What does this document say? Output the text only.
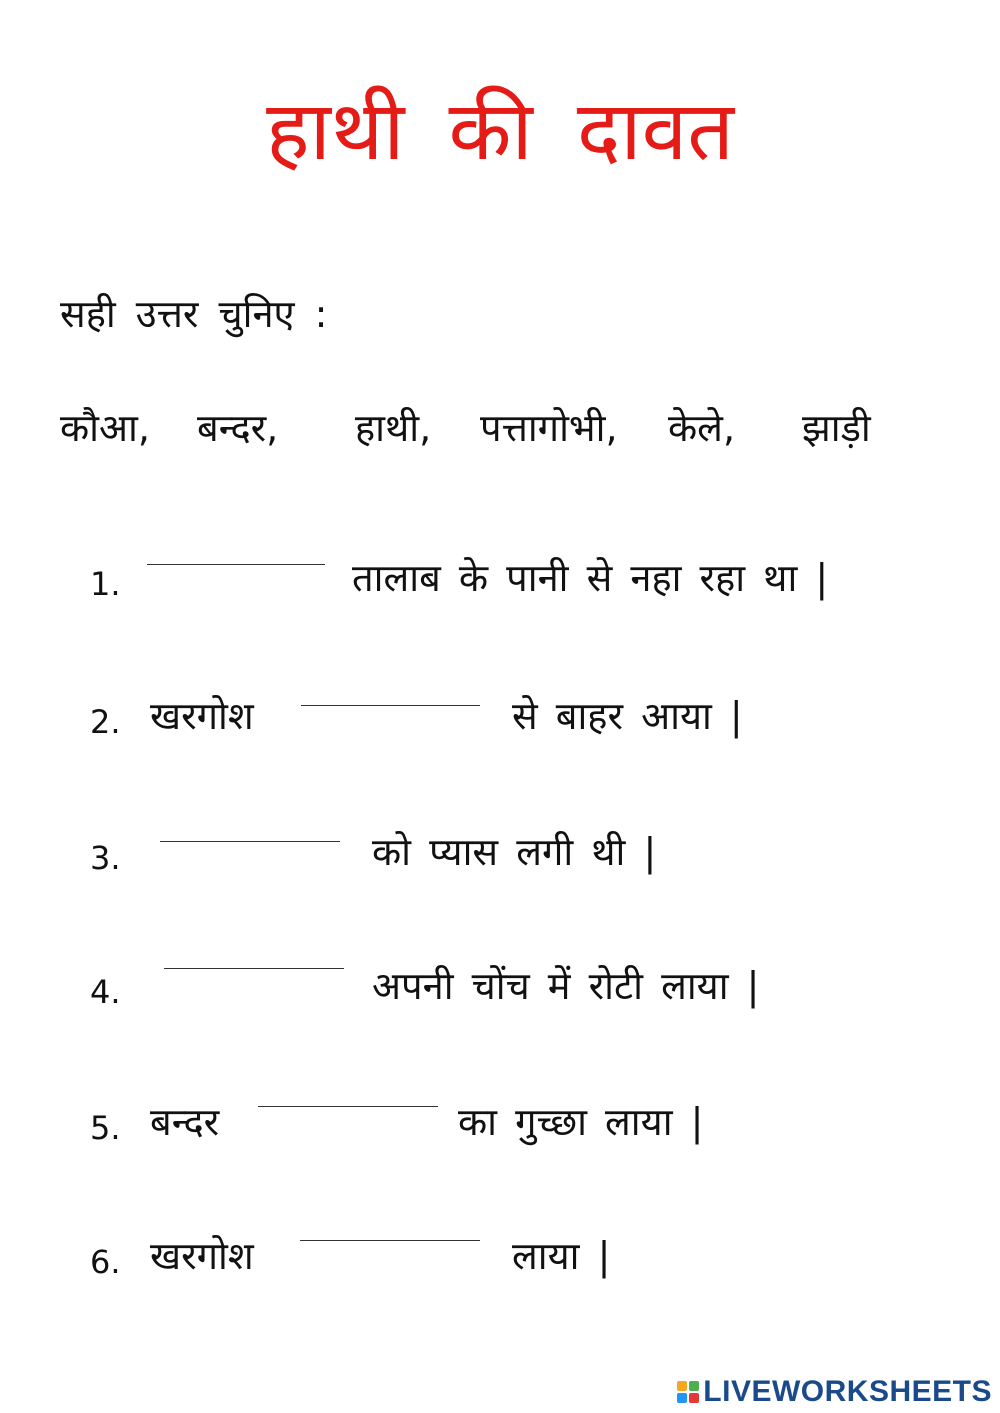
हाथी की दावत
सही उत्तर चुनिए :
कौआ, बन्दर, हाथी, पत्तागोभी, केले, झाड़ी
1.	तालाब के पानी से नहा रहा था |
2. खरगोश	से बाहर आया |
3.	को प्यास लगी थी |
4.	अपनी चोंच में रोटी लाया |
5. बन्दर	का गुच्छा लाया |
6. खरगोश	लाया |
LIVEWORKSHEETS
